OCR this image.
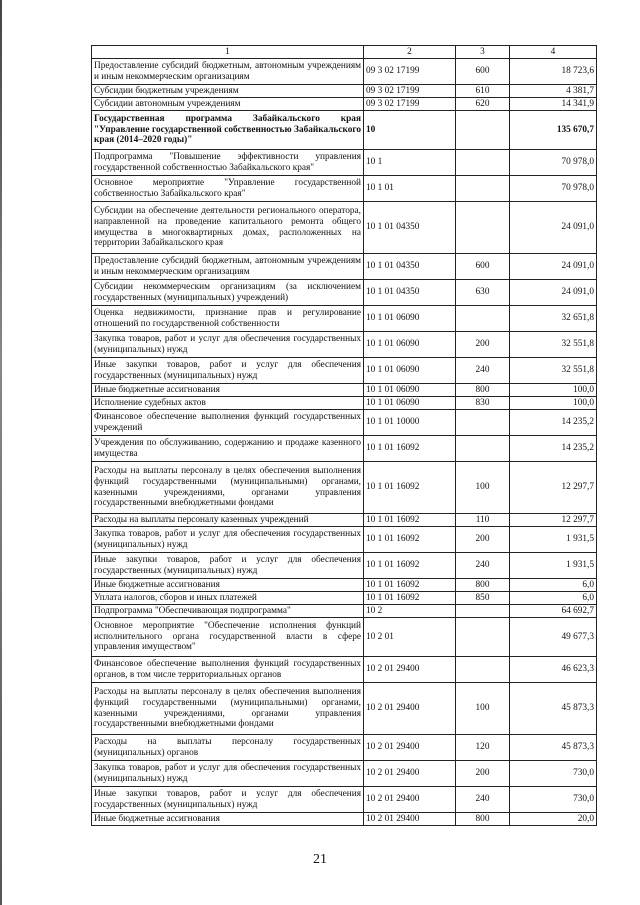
1	2	3	4
Предоставление субсидий бюджетным, автономным учреждениям и иным некоммерческим организациям	09 3 02 17199	600	18 723,6
Субсидии бюджетным учреждениям	09 3 02 17199	610	4 381,7
Субсидии автономным учреждениям	09 3 02 17199	620	14 341,9
Государственная программа Забайкальского края "Управление государственной собственностью Забайкальского края (2014–2020 годы)"	10		135 670,7
Подпрограмма "Повышение эффективности управления государственной собственностью Забайкальского края"	10 1		70 978,0
Основное мероприятие "Управление государственной собственностью Забайкальского края"	10 1 01		70 978,0
Субсидии на обеспечение деятельности регионального оператора, направленной на проведение капитального ремонта общего имущества в многоквартирных домах, расположенных на территории Забайкальского края	10 1 01 04350		24 091,0
Предоставление субсидий бюджетным, автономным учреждениям и иным некоммерческим организациям	10 1 01 04350	600	24 091,0
Субсидии некоммерческим организациям (за исключением государственных (муниципальных) учреждений)	10 1 01 04350	630	24 091,0
Оценка недвижимости, признание прав и регулирование отношений по государственной собственности	10 1 01 06090		32 651,8
Закупка товаров, работ и услуг для обеспечения государственных (муниципальных) нужд	10 1 01 06090	200	32 551,8
Иные закупки товаров, работ и услуг для обеспечения государственных (муниципальных) нужд	10 1 01 06090	240	32 551,8
Иные бюджетные ассигнования	10 1 01 06090	800	100,0
Исполнение судебных актов	10 1 01 06090	830	100,0
Финансовое обеспечение выполнения функций государственных учреждений	10 1 01 10000		14 235,2
Учреждения по обслуживанию, содержанию и продаже казенного имущества	10 1 01 16092		14 235,2
Расходы на выплаты персоналу в целях обеспечения выполнения функций государственными (муниципальными) органами, казенными учреждениями, органами управления государственными внебюджетными фондами	10 1 01 16092	100	12 297,7
Расходы на выплаты персоналу казенных учреждений	10 1 01 16092	110	12 297,7
Закупка товаров, работ и услуг для обеспечения государственных (муниципальных) нужд	10 1 01 16092	200	1 931,5
Иные закупки товаров, работ и услуг для обеспечения государственных (муниципальных) нужд	10 1 01 16092	240	1 931,5
Иные бюджетные ассигнования	10 1 01 16092	800	6,0
Уплата налогов, сборов и иных платежей	10 1 01 16092	850	6,0
Подпрограмма "Обеспечивающая подпрограмма"	10 2		64 692,7
Основное мероприятие "Обеспечение исполнения функций исполнительного органа государственной власти в сфере управления имуществом"	10 2 01		49 677,3
Финансовое обеспечение выполнения функций государственных органов, в том числе территориальных органов	10 2 01 29400		46 623,3
Расходы на выплаты персоналу в целях обеспечения выполнения функций государственными (муниципальными) органами, казенными учреждениями, органами управления государственными внебюджетными фондами	10 2 01 29400	100	45 873,3
Расходы на выплаты персоналу государственных (муниципальных) органов	10 2 01 29400	120	45 873,3
Закупка товаров, работ и услуг для обеспечения государственных (муниципальных) нужд	10 2 01 29400	200	730,0
Иные закупки товаров, работ и услуг для обеспечения государственных (муниципальных) нужд	10 2 01 29400	240	730,0
Иные бюджетные ассигнования	10 2 01 29400	800	20,0
21
